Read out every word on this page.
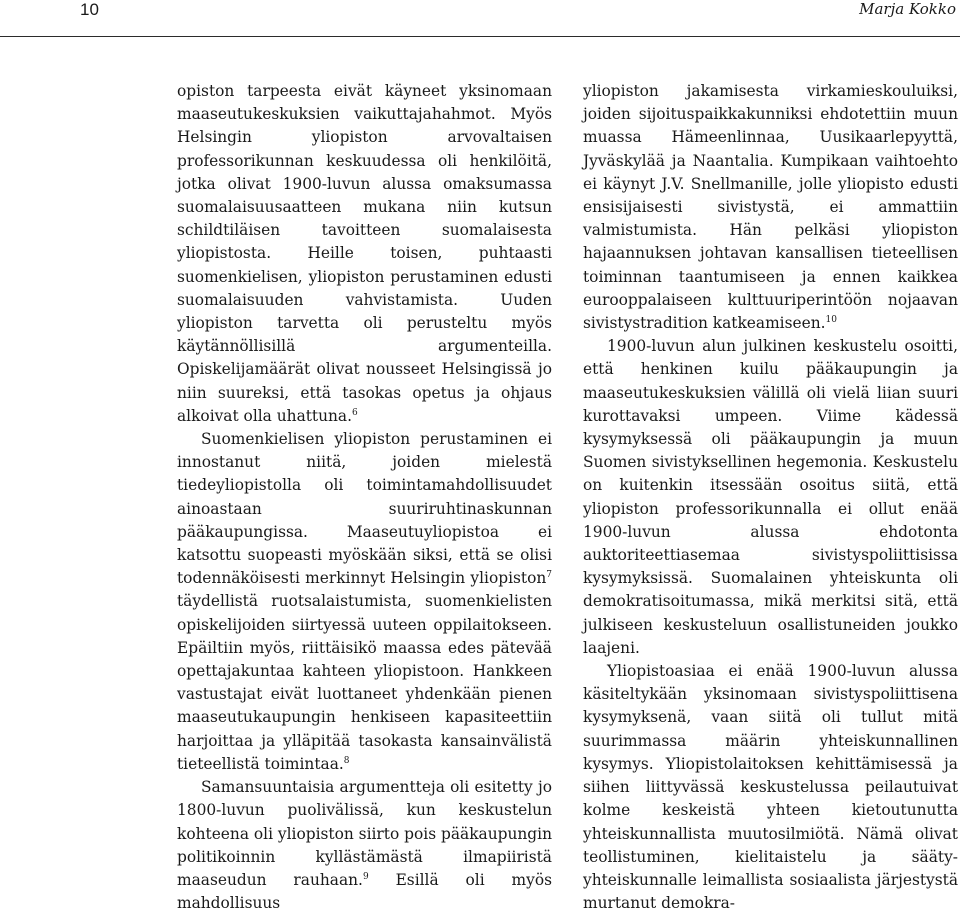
10	Marja Kokko

opiston tarpeesta eivät käyneet yksinomaan maaseutukeskuksien vaikuttajahahmot. Myös Helsingin yliopiston arvovaltaisen professorikunnan keskuudessa oli henkilöitä, jotka olivat 1900-luvun alussa omaksumassa suomalaisuusaatteen mukana niin kutsun schildtiläisen tavoitteen suomalaisesta yliopistosta. Heille toisen, puhtaasti suomenkielisen, yliopiston perustaminen edusti suomalaisuuden vahvistamista. Uuden yliopiston tarvetta oli perusteltu myös käytännöllisillä argumenteilla. Opiskelijamäärät olivat nousseet Helsingissä jo niin suureksi, että tasokas opetus ja ohjaus alkoivat olla uhattuna.$^6$

Suomenkielisen yliopiston perustaminen ei innostanut niitä, joiden mielestä tiedeyliopistolla oli toimintamahdollisuudet ainoastaan suuriruhtinaskunnan pääkaupungissa. Maaseutuyliopistoa ei katsottu suopeasti myöskään siksi, että se olisi todennäköisesti merkinnyt Helsingin yliopiston$^7$ täydellistä ruotsalaistumista, suomenkielisten opiskelijoiden siirtyessä uuteen oppilaitokseen. Epäiltiin myös, riittäisikö maassa edes pätevää opettajakuntaa kahteen yliopistoon. Hankkeen vastustajat eivät luottaneet yhdenkään pienen maaseutukaupungin henkiseen kapasiteettiin harjoittaa ja ylläpitää tasokasta kansainvälistä tieteellistä toimintaa.$^8$

Samansuuntaisia argumentteja oli esitetty jo 1800-luvun puolivälissä, kun keskustelun kohteena oli yliopiston siirto pois pääkaupungin politikoinnin kyllästämästä ilmapiiristä maaseudun rauhaan.$^9$ Esillä oli myös mahdollisuus

yliopiston jakamisesta virkamieskouluiksi, joiden sijoituspaikkakunniksi ehdotettiin muun muassa Hämeenlinnaa, Uusikaarlepyyttä, Jyväskylää ja Naantalia. Kumpikaan vaihtoehto ei käynyt J.V. Snellmanille, jolle yliopisto edusti ensisijaisesti sivistystä, ei ammattiin valmistumista. Hän pelkäsi yliopiston hajaannuksen johtavan kansallisen tieteellisen toiminnan taantumiseen ja ennen kaikkea eurooppalaiseen kulttuuriperintöön nojaavan sivistystradition katkeamiseen.$^{10}$

1900-luvun alun julkinen keskustelu osoitti, että henkinen kuilu pääkaupungin ja maaseutukeskuksien välillä oli vielä liian suuri kurottavaksi umpeen. Viime kädessä kysymyksessä oli pääkaupungin ja muun Suomen sivistyksellinen hegemonia. Keskustelu on kuitenkin itsessään osoitus siitä, että yliopiston professorikunnalla ei ollut enää 1900-luvun alussa ehdotonta auktoriteettiasemaa sivistyspoliittisissa kysymyksissä. Suomalainen yhteiskunta oli demokratisoitumassa, mikä merkitsi sitä, että julkiseen keskusteluun osallistuneiden joukko laajeni.

Yliopistoasiaa ei enää 1900-luvun alussa käsiteltykään yksinomaan sivistyspoliittisena kysymyksenä, vaan siitä oli tullut mitä suurimmassa määrin yhteiskunnallinen kysymys. Yliopistolaitoksen kehittämisessä ja siihen liittyvässä keskustelussa peilautuivat kolme keskeistä yhteen kietoutunutta yhteiskunnallista muutosilmiötä. Nämä olivat teollistuminen, kielitaistelu ja sääty-yhteiskunnalle leimallista sosiaalista järjestystä murtanut demokra-
